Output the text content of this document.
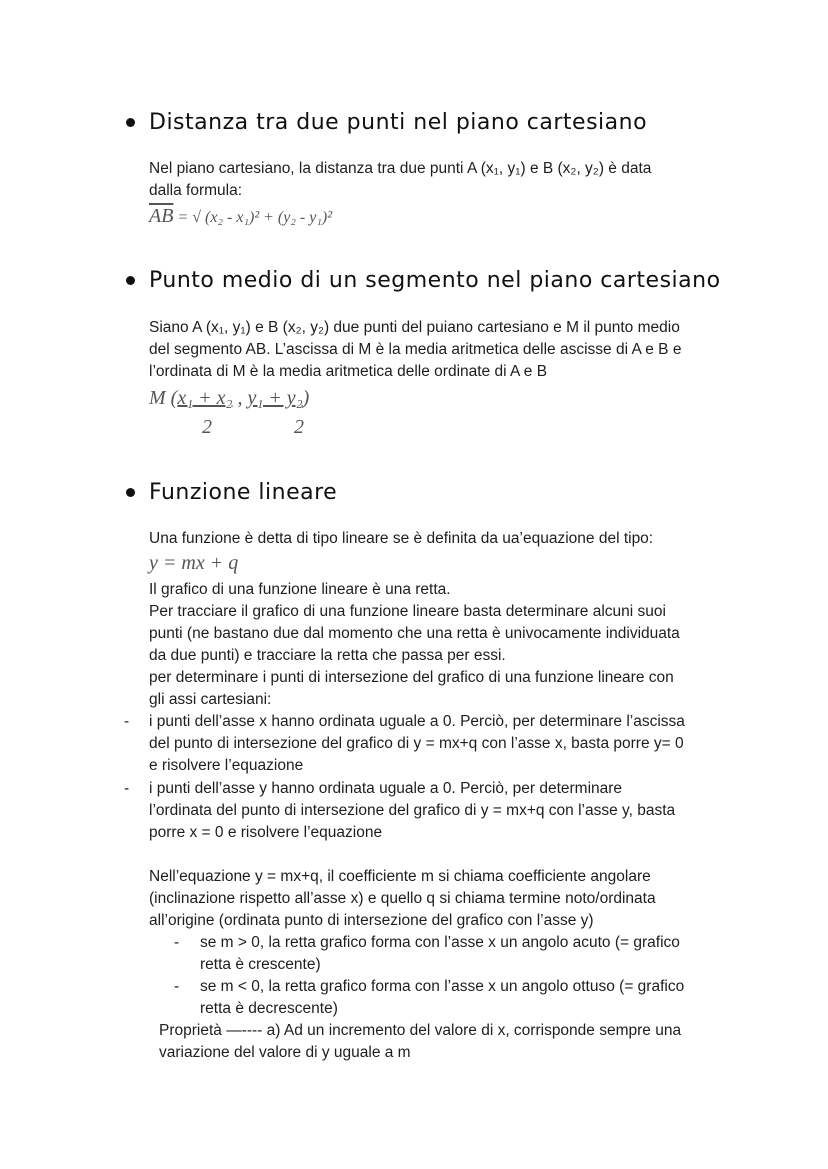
Distanza tra due punti nel piano cartesiano
Nel piano cartesiano, la distanza tra due punti A (x₁, y₁) e B (x₂, y₂) è data
dalla formula:
$\overline{AB}$ = √ (x₂ - x₁)² + (y₂ - y₁)²
Punto medio di un segmento nel piano cartesiano
Siano A (x₁, y₁) e B (x₂, y₂) due punti del puiano cartesiano e M il punto medio
del segmento AB. L’ascissa di M è la media aritmetica delle ascisse di A e B e
l’ordinata di M è la media aritmetica delle ordinate di A e B
M (x₁ + x₂ , y₁ + y₂)
2	2
Funzione lineare
Una funzione è detta di tipo lineare se è definita da ua’equazione del tipo:
y = mx + q
Il grafico di una funzione lineare è una retta.
Per tracciare il grafico di una funzione lineare basta determinare alcuni suoi
punti (ne bastano due dal momento che una retta è univocamente individuata
da due punti) e tracciare la retta che passa per essi.
per determinare i punti di intersezione del grafico di una funzione lineare con
gli assi cartesiani:
- i punti dell’asse x hanno ordinata uguale a 0. Perciò, per determinare l’ascissa
del punto di intersezione del grafico di y = mx+q con l’asse x, basta porre y= 0
e risolvere l’equazione
- i punti dell’asse y hanno ordinata uguale a 0. Perciò, per determinare
l’ordinata del punto di intersezione del grafico di y = mx+q con l’asse y, basta
porre x = 0 e risolvere l’equazione
Nell’equazione y = mx+q, il coefficiente m si chiama coefficiente angolare
(inclinazione rispetto all’asse x) e quello q si chiama termine noto/ordinata
all’origine (ordinata punto di intersezione del grafico con l’asse y)
- se m > 0, la retta grafico forma con l’asse x un angolo acuto (= grafico
retta è crescente)
- se m < 0, la retta grafico forma con l’asse x un angolo ottuso (= grafico
retta è decrescente)
Proprietà —---- a) Ad un incremento del valore di x, corrisponde sempre una
variazione del valore di y uguale a m
